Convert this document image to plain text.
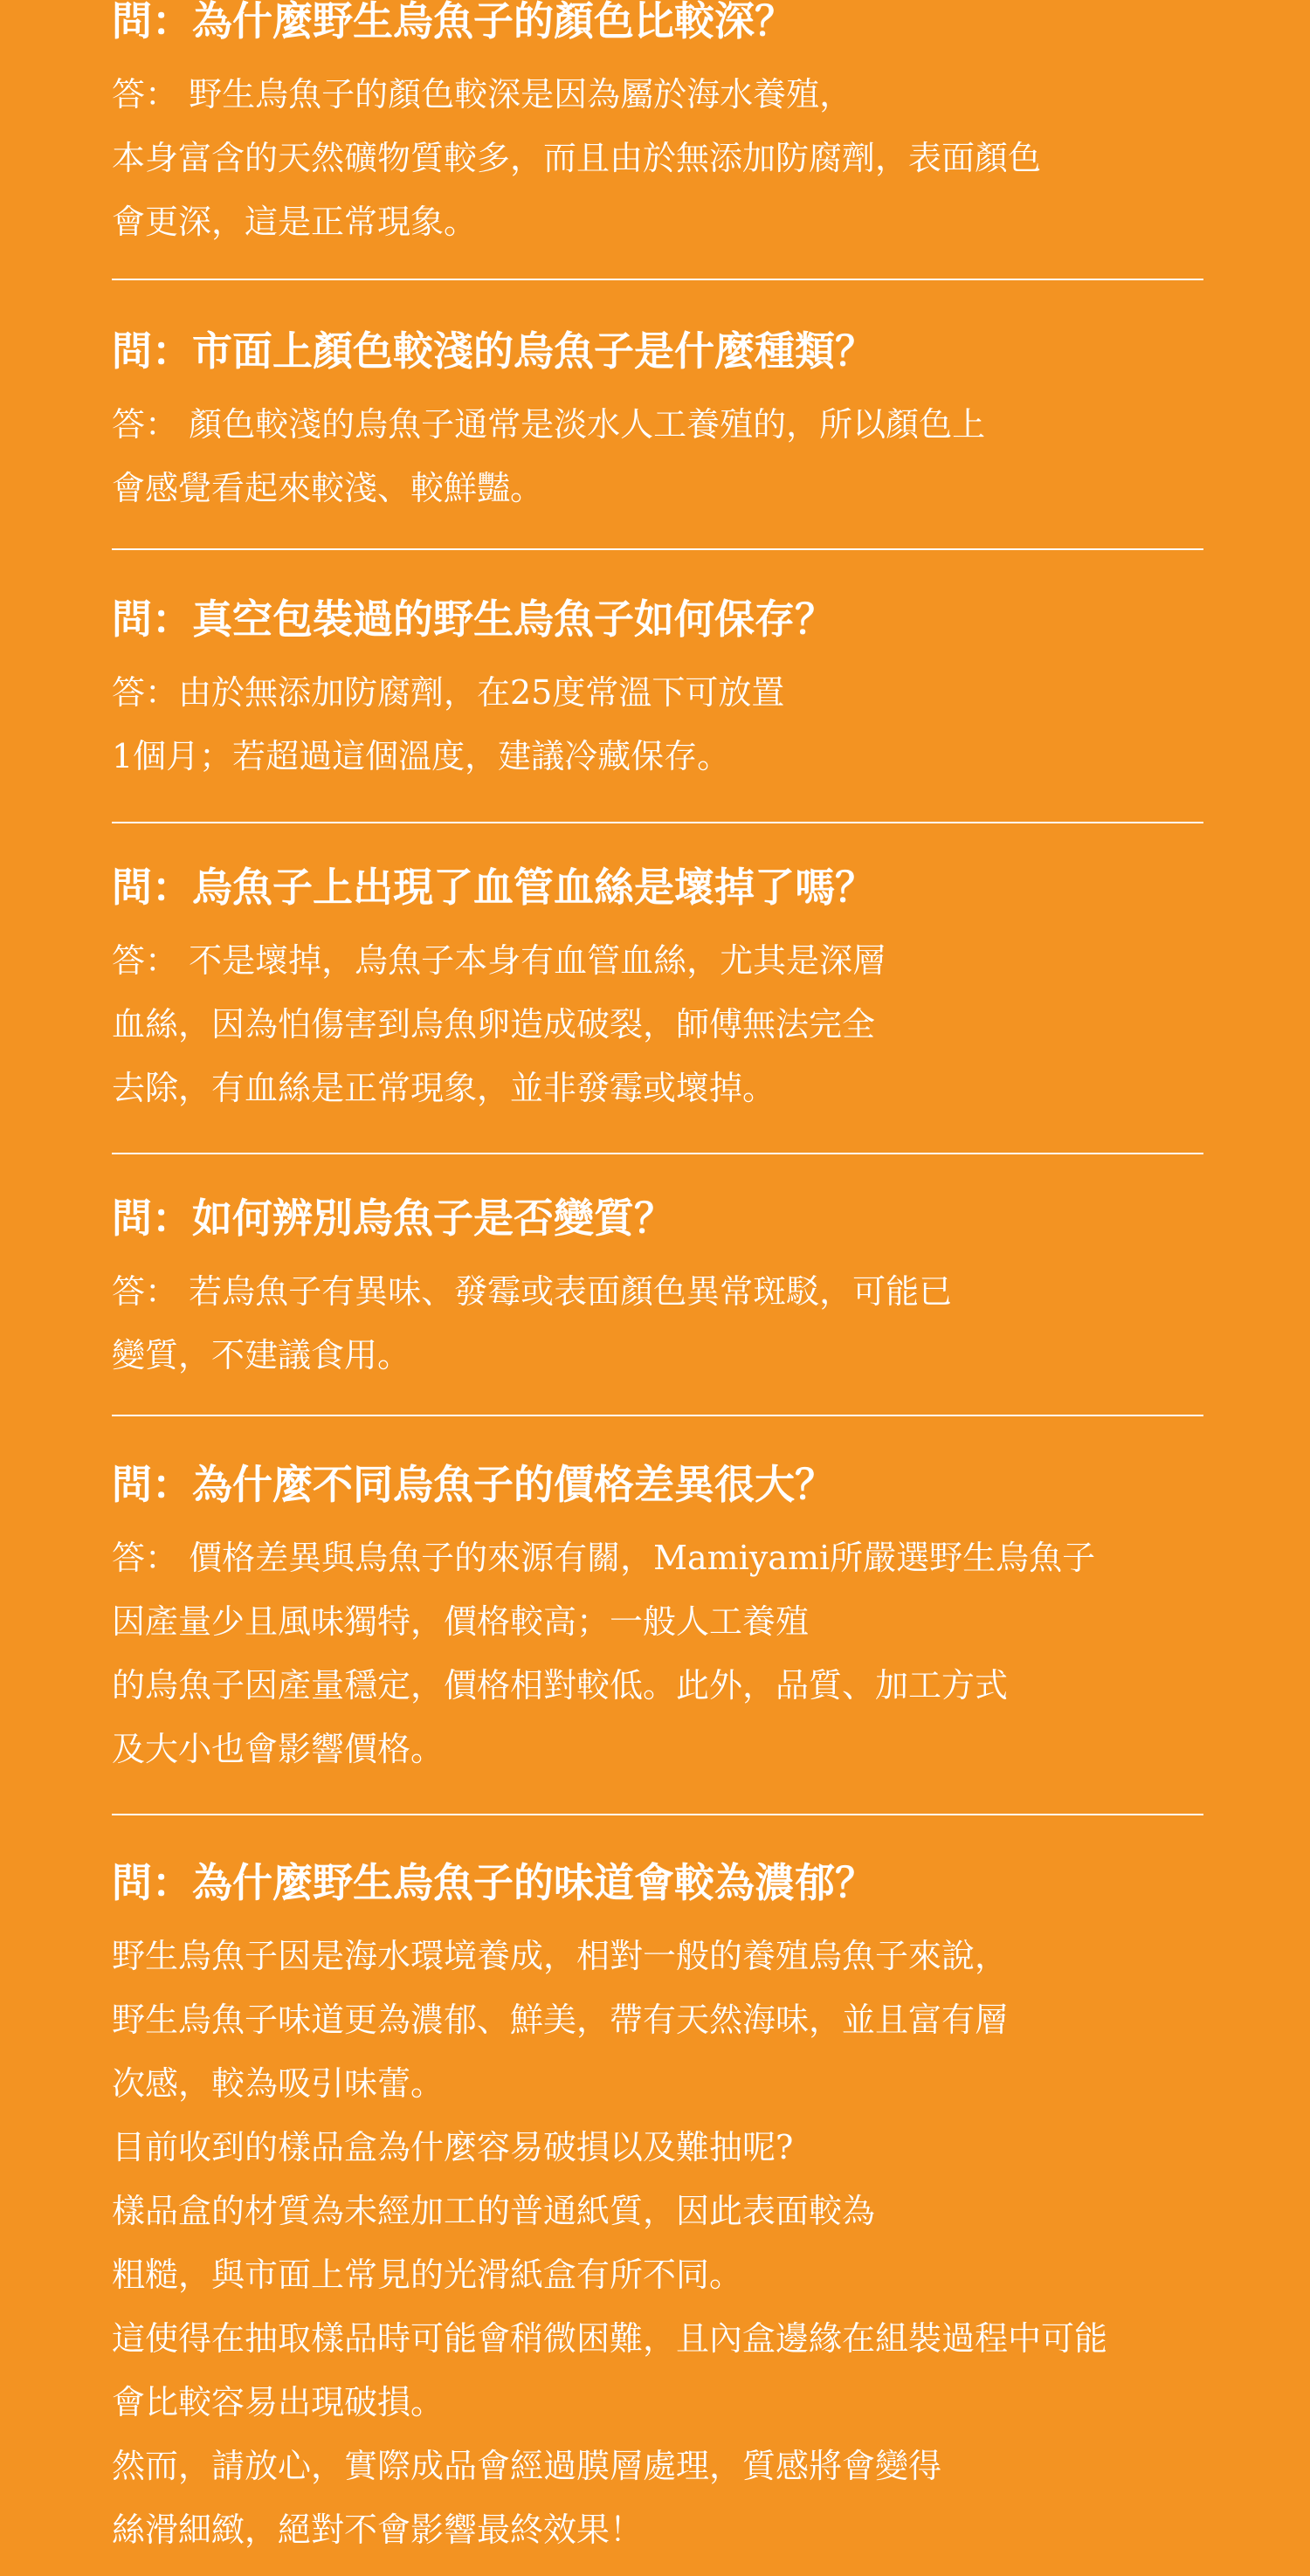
問：為什麼野生烏魚子的顏色比較深？
答： 野生烏魚子的顏色較深是因為屬於海水養殖，
本身富含的天然礦物質較多，而且由於無添加防腐劑，表面顏色
會更深，這是正常現象。
問：市面上顏色較淺的烏魚子是什麼種類？
答： 顏色較淺的烏魚子通常是淡水人工養殖的，所以顏色上
會感覺看起來較淺、較鮮豔。
問：真空包裝過的野生烏魚子如何保存？
答：由於無添加防腐劑，在25度常溫下可放置
1個月；若超過這個溫度，建議冷藏保存。
問：烏魚子上出現了血管血絲是壞掉了嗎？
答： 不是壞掉，烏魚子本身有血管血絲，尤其是深層
血絲，因為怕傷害到烏魚卵造成破裂，師傅無法完全
去除，有血絲是正常現象，並非發霉或壞掉。
問：如何辨別烏魚子是否變質？
答： 若烏魚子有異味、發霉或表面顏色異常斑駁，可能已
變質，不建議食用。
問：為什麼不同烏魚子的價格差異很大？
答： 價格差異與烏魚子的來源有關，Mamiyami所嚴選野生烏魚子
因產量少且風味獨特，價格較高；一般人工養殖
的烏魚子因產量穩定，價格相對較低。此外，品質、加工方式
及大小也會影響價格。
問：為什麼野生烏魚子的味道會較為濃郁？
野生烏魚子因是海水環境養成，相對一般的養殖烏魚子來說，
野生烏魚子味道更為濃郁、鮮美，帶有天然海味，並且富有層
次感，較為吸引味蕾。
目前收到的樣品盒為什麼容易破損以及難抽呢?
樣品盒的材質為未經加工的普通紙質，因此表面較為
粗糙，與市面上常見的光滑紙盒有所不同。
這使得在抽取樣品時可能會稍微困難，且內盒邊緣在組裝過程中可能
會比較容易出現破損。
然而，請放心，實際成品會經過膜層處理，質感將會變得
絲滑細緻，絕對不會影響最終效果！
